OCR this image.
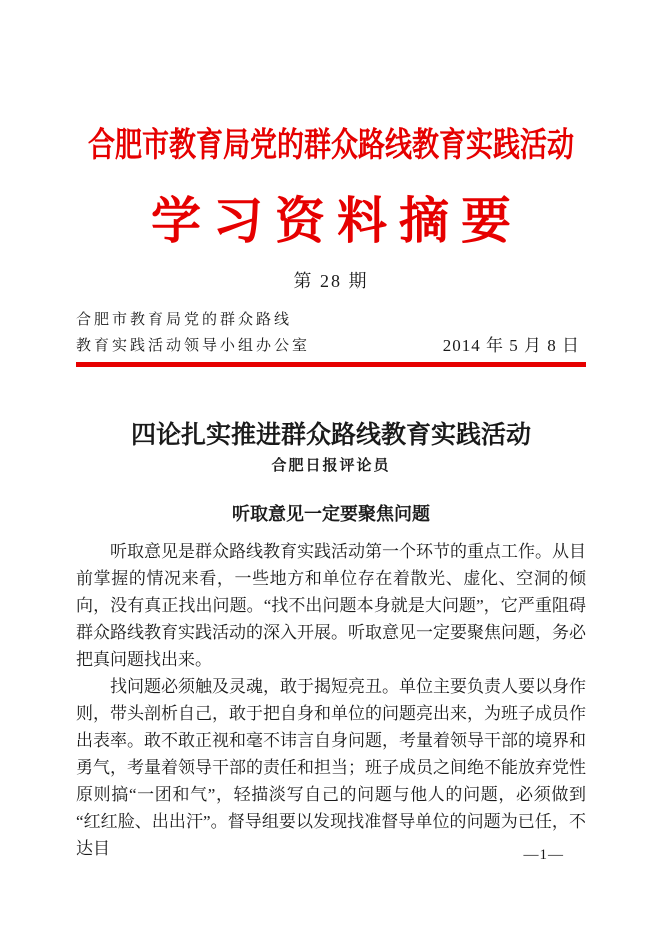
合肥市教育局党的群众路线教育实践活动
学习资料摘要
第 28 期
合肥市教育局党的群众路线
教育实践活动领导小组办公室	2014 年 5 月 8 日
四论扎实推进群众路线教育实践活动
合肥日报评论员
听取意见一定要聚焦问题

听取意见是群众路线教育实践活动第一个环节的重点工作。从目前掌握的情况来看，一些地方和单位存在着散光、虚化、空洞的倾向，没有真正找出问题。“找不出问题本身就是大问题”，它严重阻碍群众路线教育实践活动的深入开展。听取意见一定要聚焦问题，务必把真问题找出来。

找问题必须触及灵魂，敢于揭短亮丑。单位主要负责人要以身作则，带头剖析自己，敢于把自身和单位的问题亮出来，为班子成员作出表率。敢不敢正视和毫不讳言自身问题，考量着领导干部的境界和勇气，考量着领导干部的责任和担当；班子成员之间绝不能放弃党性原则搞“一团和气”，轻描淡写自己的问题与他人的问题，必须做到“红红脸、出出汗”。督导组要以发现找准督导单位的问题为已任，不达目	—1—
